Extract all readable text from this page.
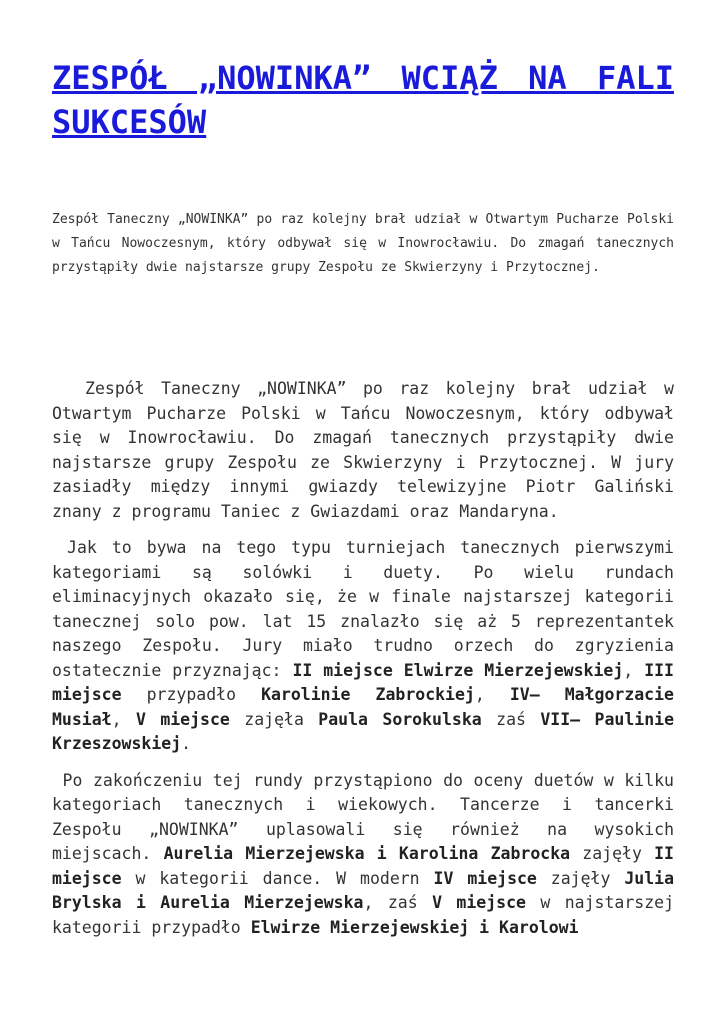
ZESPÓŁ „NOWINKA” WCIĄŻ NA FALI SUKCESÓW

Zespół Taneczny „NOWINKA” po raz kolejny brał udział w Otwartym Pucharze Polski w Tańcu Nowoczesnym, który odbywał się w Inowrocławiu. Do zmagań tanecznych przystąpiły dwie najstarsze grupy Zespołu ze Skwierzyny i Przytocznej.

Zespół Taneczny „NOWINKA” po raz kolejny brał udział w Otwartym Pucharze Polski w Tańcu Nowoczesnym, który odbywał się w Inowrocławiu. Do zmagań tanecznych przystąpiły dwie najstarsze grupy Zespołu ze Skwierzyny i Przytocznej. W jury zasiadły między innymi gwiazdy telewizyjne Piotr Galiński znany z programu Taniec z Gwiazdami oraz Mandaryna.

Jak to bywa na tego typu turniejach tanecznych pierwszymi kategoriami są solówki i duety. Po wielu rundach eliminacyjnych okazało się, że w finale najstarszej kategorii tanecznej solo pow. lat 15 znalazło się aż 5 reprezentantek naszego Zespołu. Jury miało trudno orzech do zgryzienia ostatecznie przyznając: II miejsce Elwirze Mierzejewskiej, III miejsce przypadło Karolinie Zabrockiej, IV– Małgorzacie Musiał, V miejsce zajęła Paula Sorokulska zaś VII– Paulinie Krzeszowskiej.

Po zakończeniu tej rundy przystąpiono do oceny duetów w kilku kategoriach tanecznych i wiekowych. Tancerze i tancerki Zespołu „NOWINKA” uplasowali się również na wysokich miejscach. Aurelia Mierzejewska i Karolina Zabrocka zajęły II miejsce w kategorii dance. W modern IV miejsce zajęły Julia Brylska i Aurelia Mierzejewska, zaś V miejsce w najstarszej kategorii przypadło Elwirze Mierzejewskiej i Karolowi
